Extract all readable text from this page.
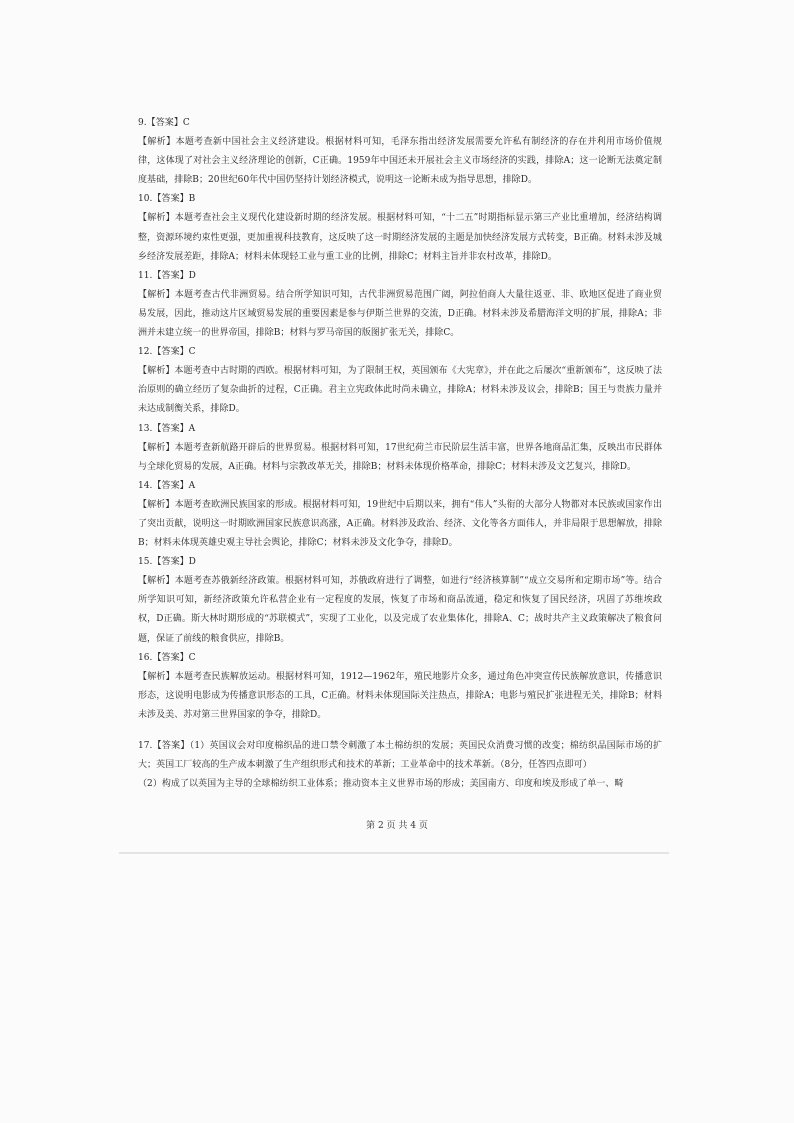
9.【答案】C
【解析】本题考查新中国社会主义经济建设。根据材料可知，毛泽东指出经济发展需要允许私有制经济的存在并利用市场价值规律，这体现了对社会主义经济理论的创新，C正确。1959年中国还未开展社会主义市场经济的实践，排除A；这一论断无法奠定制度基础，排除B；20世纪60年代中国仍坚持计划经济模式，说明这一论断未成为指导思想，排除D。
10.【答案】B
【解析】本题考查社会主义现代化建设新时期的经济发展。根据材料可知，“十二五”时期指标显示第三产业比重增加，经济结构调整，资源环境约束性更强，更加重视科技教育，这反映了这一时期经济发展的主题是加快经济发展方式转变，B正确。材料未涉及城乡经济发展差距，排除A；材料未体现轻工业与重工业的比例，排除C；材料主旨并非农村改革，排除D。
11.【答案】D
【解析】本题考查古代非洲贸易。结合所学知识可知，古代非洲贸易范围广阔，阿拉伯商人大量往返亚、非、欧地区促进了商业贸易发展，因此，推动这片区域贸易发展的重要因素是参与伊斯兰世界的交流，D正确。材料未涉及希腊海洋文明的扩展，排除A；非洲并未建立统一的世界帝国，排除B；材料与罗马帝国的版图扩张无关，排除C。
12.【答案】C
【解析】本题考查中古时期的西欧。根据材料可知，为了限制王权，英国颁布《大宪章》，并在此之后屡次“重新颁布”，这反映了法治原则的确立经历了复杂曲折的过程，C正确。君主立宪政体此时尚未确立，排除A；材料未涉及议会，排除B；国王与贵族力量并未达成制衡关系，排除D。
13.【答案】A
【解析】本题考查新航路开辟后的世界贸易。根据材料可知，17世纪荷兰市民阶层生活丰富，世界各地商品汇集，反映出市民群体与全球化贸易的发展，A正确。材料与宗教改革无关，排除B；材料未体现价格革命，排除C；材料未涉及文艺复兴，排除D。
14.【答案】A
【解析】本题考查欧洲民族国家的形成。根据材料可知，19世纪中后期以来，拥有“伟人”头衔的大部分人物都对本民族或国家作出了突出贡献，说明这一时期欧洲国家民族意识高涨，A正确。材料涉及政治、经济、文化等各方面伟人，并非局限于思想解放，排除B；材料未体现英雄史观主导社会舆论，排除C；材料未涉及文化争夺，排除D。
15.【答案】D
【解析】本题考查苏俄新经济政策。根据材料可知，苏俄政府进行了调整，如进行“经济核算制”“成立交易所和定期市场”等。结合所学知识可知，新经济政策允许私营企业有一定程度的发展，恢复了市场和商品流通，稳定和恢复了国民经济，巩固了苏维埃政权，D正确。斯大林时期形成的“苏联模式”，实现了工业化，以及完成了农业集体化，排除A、C；战时共产主义政策解决了粮食问题，保证了前线的粮食供应，排除B。
16.【答案】C
【解析】本题考查民族解放运动。根据材料可知，1912—1962年，殖民地影片众多，通过角色冲突宣传民族解放意识，传播意识形态，这说明电影成为传播意识形态的工具，C正确。材料未体现国际关注热点，排除A；电影与殖民扩张进程无关，排除B；材料未涉及美、苏对第三世界国家的争夺，排除D。
17.【答案】（1）英国议会对印度棉织品的进口禁令刺激了本土棉纺织的发展；英国民众消费习惯的改变；棉纺织品国际市场的扩大；英国工厂较高的生产成本刺激了生产组织形式和技术的革新；工业革命中的技术革新。（8分，任答四点即可）
（2）构成了以英国为主导的全球棉纺织工业体系；推动资本主义世界市场的形成；美国南方、印度和埃及形成了单一、畸
第 2 页 共 4 页
